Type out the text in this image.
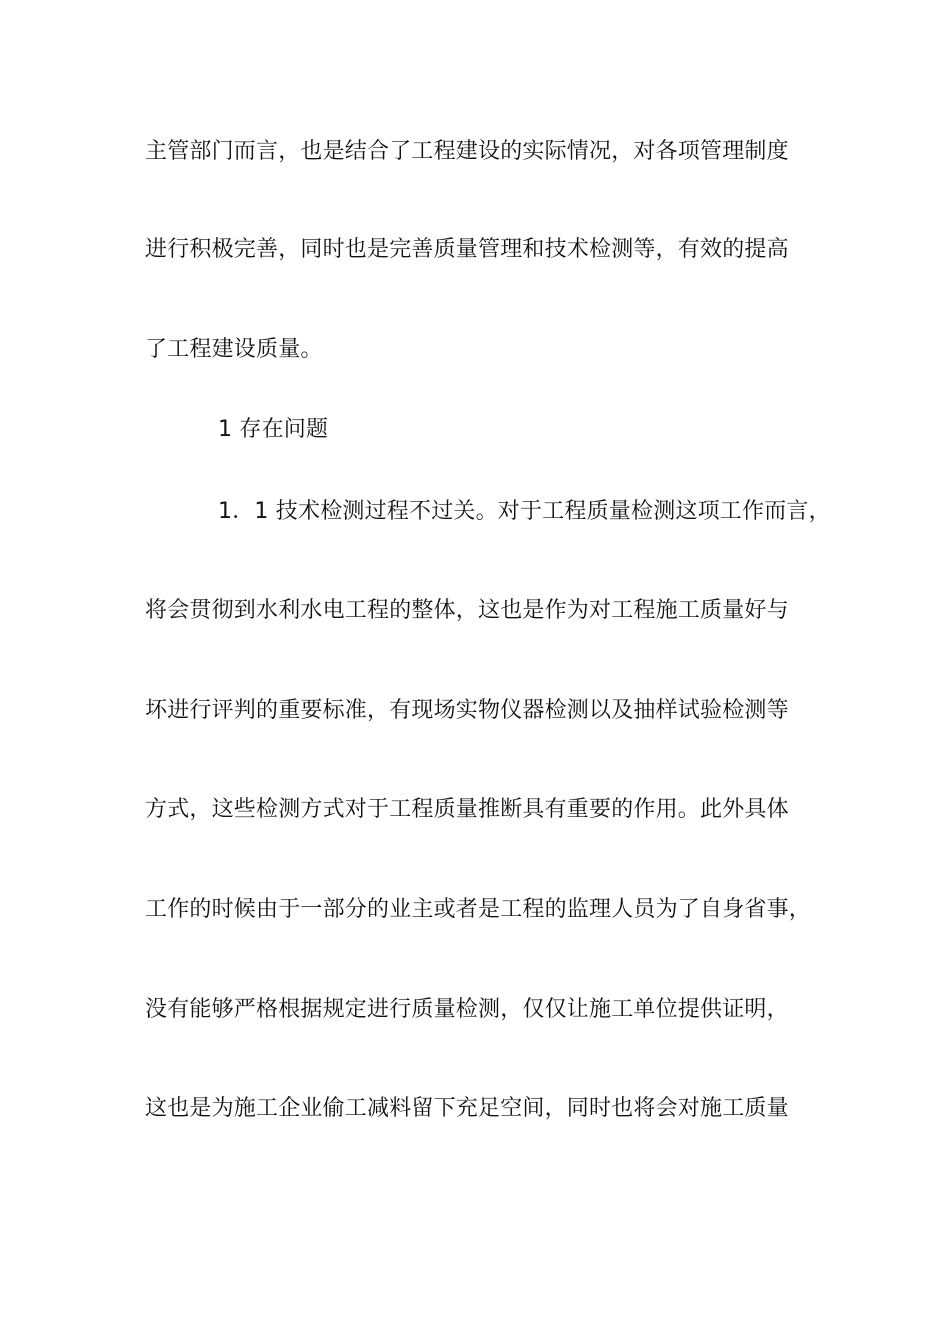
主管部门而言，也是结合了工程建设的实际情况，对各项管理制度
进行积极完善，同时也是完善质量管理和技术检测等，有效的提高
了工程建设质量。
1 存在问题
1．1 技术检测过程不过关。对于工程质量检测这项工作而言，
将会贯彻到水利水电工程的整体，这也是作为对工程施工质量好与
坏进行评判的重要标准，有现场实物仪器检测以及抽样试验检测等
方式，这些检测方式对于工程质量推断具有重要的作用。此外具体
工作的时候由于一部分的业主或者是工程的监理人员为了自身省事，
没有能够严格根据规定进行质量检测，仅仅让施工单位提供证明，
这也是为施工企业偷工减料留下充足空间，同时也将会对施工质量
